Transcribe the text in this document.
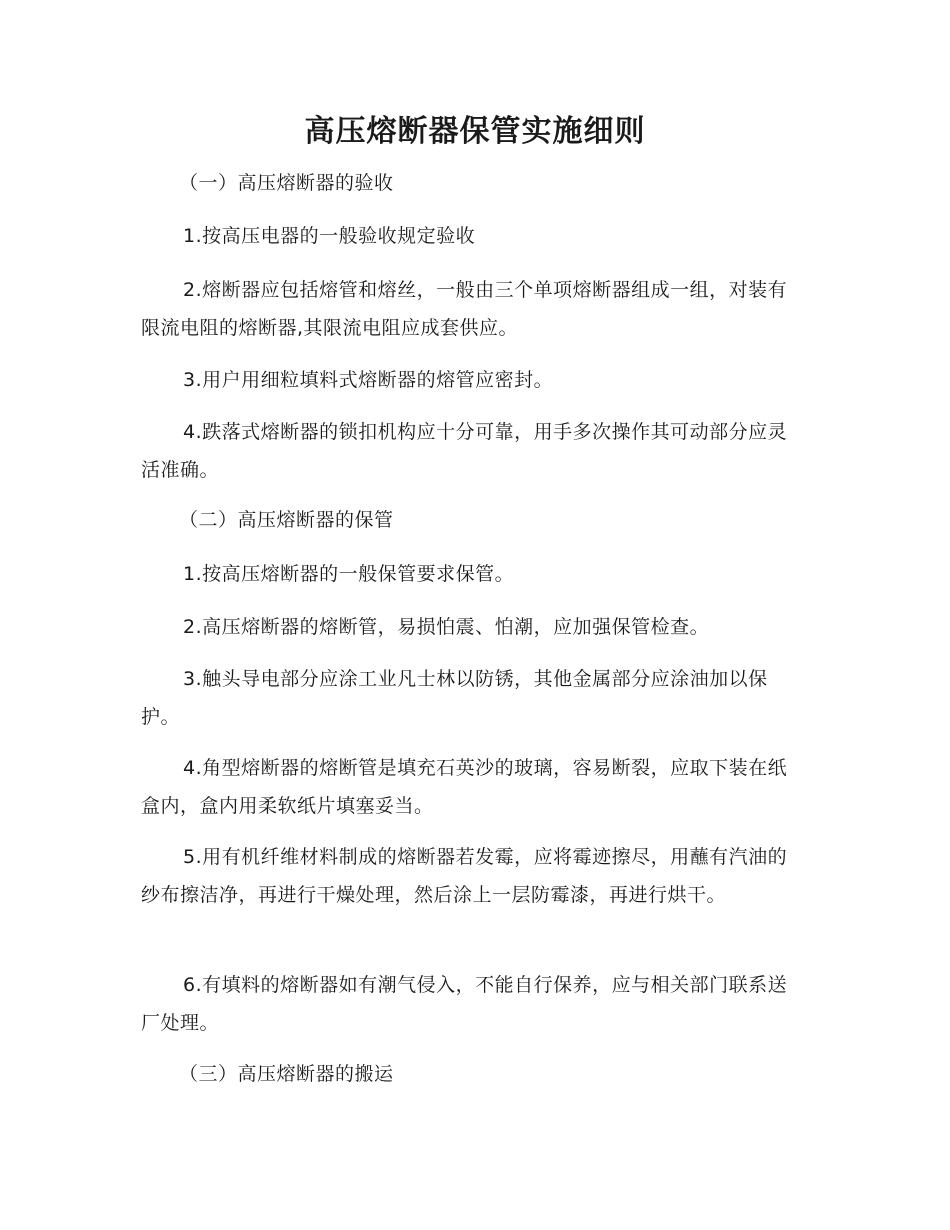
高压熔断器保管实施细则

（一）高压熔断器的验收

1.按高压电器的一般验收规定验收

2.熔断器应包括熔管和熔丝，一般由三个单项熔断器组成一组，对装有限流电阻的熔断器,其限流电阻应成套供应。

3.用户用细粒填料式熔断器的熔管应密封。

4.跌落式熔断器的锁扣机构应十分可靠，用手多次操作其可动部分应灵活准确。

（二）高压熔断器的保管

1.按高压熔断器的一般保管要求保管。

2.高压熔断器的熔断管，易损怕震、怕潮，应加强保管检查。

3.触头导电部分应涂工业凡士林以防锈，其他金属部分应涂油加以保护。

4.角型熔断器的熔断管是填充石英沙的玻璃，容易断裂，应取下装在纸盒内，盒内用柔软纸片填塞妥当。

5.用有机纤维材料制成的熔断器若发霉，应将霉迹擦尽，用蘸有汽油的纱布擦洁净，再进行干燥处理，然后涂上一层防霉漆，再进行烘干。

6.有填料的熔断器如有潮气侵入，不能自行保养，应与相关部门联系送厂处理。

（三）高压熔断器的搬运
